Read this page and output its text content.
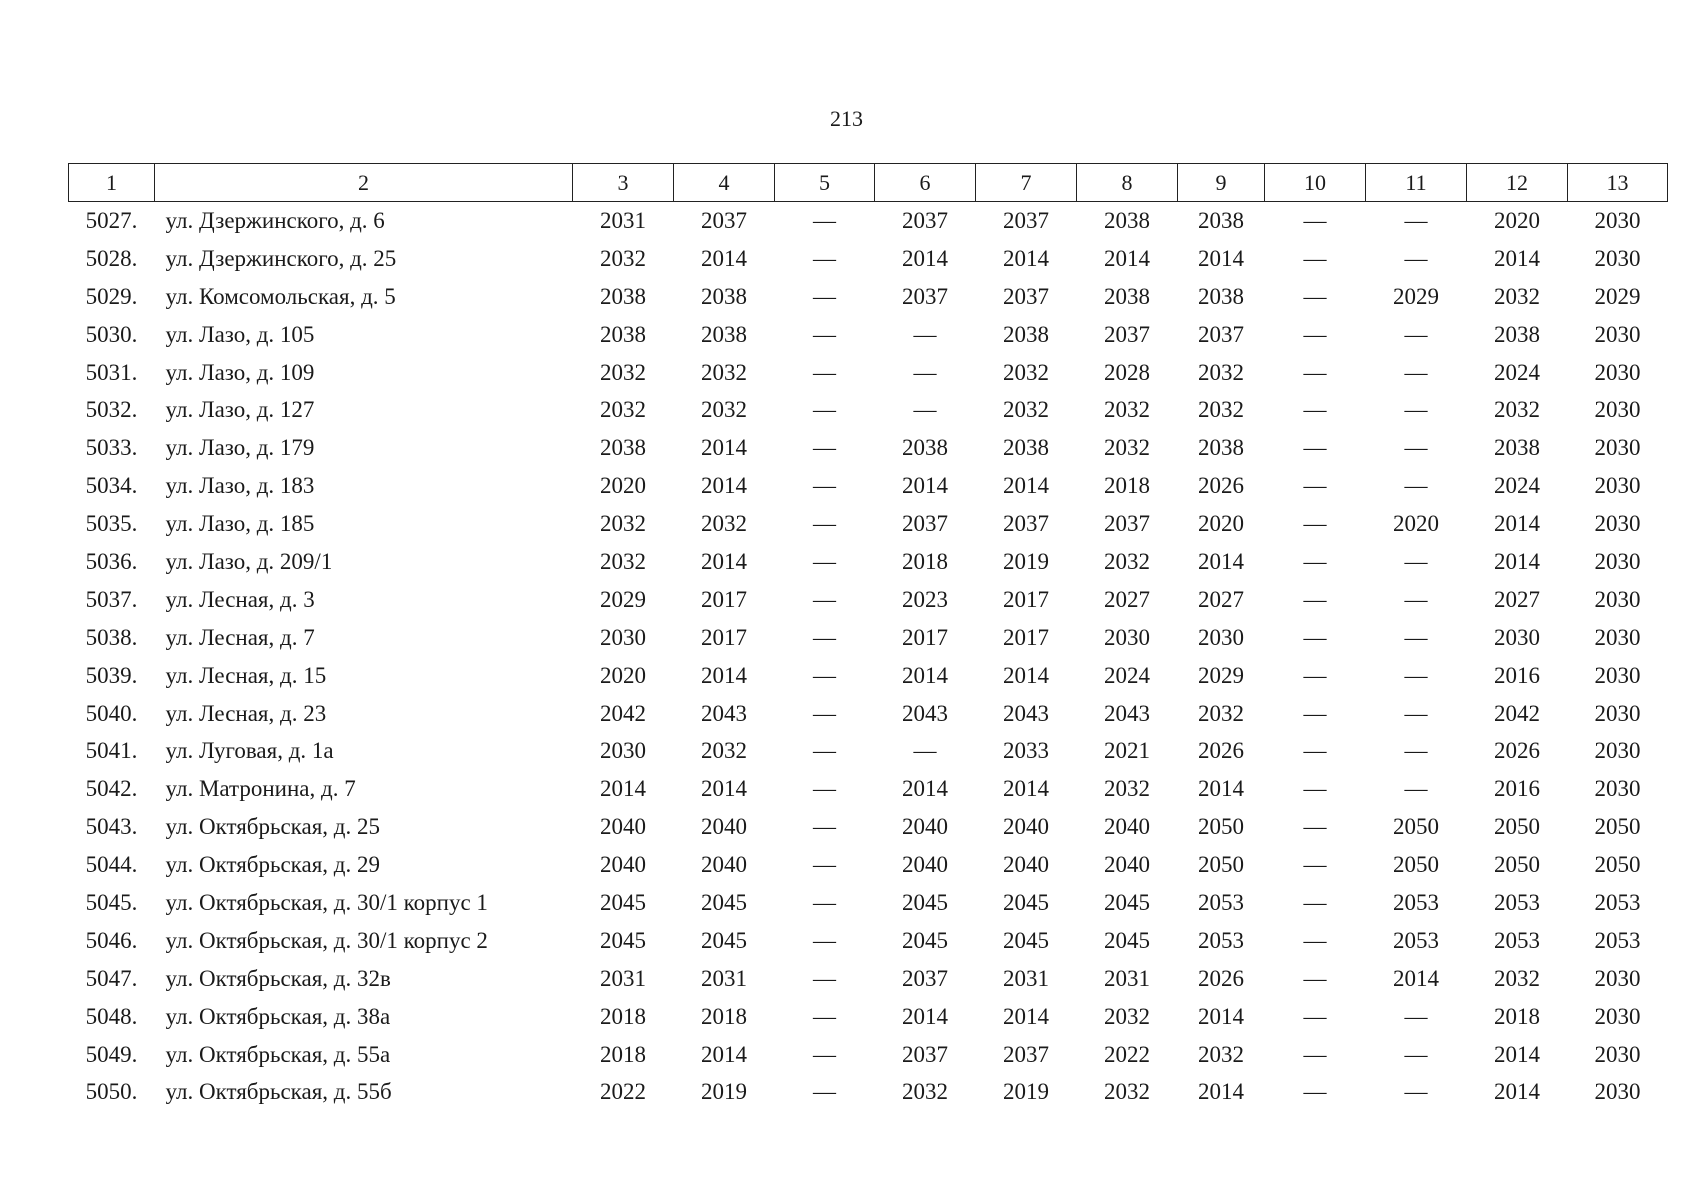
213
1	2	3	4	5	6	7	8	9	10	11	12	13
5027.	ул. Дзержинского, д. 6	2031	2037	—	2037	2037	2038	2038	—	—	2020	2030
5028.	ул. Дзержинского, д. 25	2032	2014	—	2014	2014	2014	2014	—	—	2014	2030
5029.	ул. Комсомольская, д. 5	2038	2038	—	2037	2037	2038	2038	—	2029	2032	2029
5030.	ул. Лазо, д. 105	2038	2038	—	—	2038	2037	2037	—	—	2038	2030
5031.	ул. Лазо, д. 109	2032	2032	—	—	2032	2028	2032	—	—	2024	2030
5032.	ул. Лазо, д. 127	2032	2032	—	—	2032	2032	2032	—	—	2032	2030
5033.	ул. Лазо, д. 179	2038	2014	—	2038	2038	2032	2038	—	—	2038	2030
5034.	ул. Лазо, д. 183	2020	2014	—	2014	2014	2018	2026	—	—	2024	2030
5035.	ул. Лазо, д. 185	2032	2032	—	2037	2037	2037	2020	—	2020	2014	2030
5036.	ул. Лазо, д. 209/1	2032	2014	—	2018	2019	2032	2014	—	—	2014	2030
5037.	ул. Лесная, д. 3	2029	2017	—	2023	2017	2027	2027	—	—	2027	2030
5038.	ул. Лесная, д. 7	2030	2017	—	2017	2017	2030	2030	—	—	2030	2030
5039.	ул. Лесная, д. 15	2020	2014	—	2014	2014	2024	2029	—	—	2016	2030
5040.	ул. Лесная, д. 23	2042	2043	—	2043	2043	2043	2032	—	—	2042	2030
5041.	ул. Луговая, д. 1а	2030	2032	—	—	2033	2021	2026	—	—	2026	2030
5042.	ул. Матронина, д. 7	2014	2014	—	2014	2014	2032	2014	—	—	2016	2030
5043.	ул. Октябрьская, д. 25	2040	2040	—	2040	2040	2040	2050	—	2050	2050	2050
5044.	ул. Октябрьская, д. 29	2040	2040	—	2040	2040	2040	2050	—	2050	2050	2050
5045.	ул. Октябрьская, д. 30/1 корпус 1	2045	2045	—	2045	2045	2045	2053	—	2053	2053	2053
5046.	ул. Октябрьская, д. 30/1 корпус 2	2045	2045	—	2045	2045	2045	2053	—	2053	2053	2053
5047.	ул. Октябрьская, д. 32в	2031	2031	—	2037	2031	2031	2026	—	2014	2032	2030
5048.	ул. Октябрьская, д. 38а	2018	2018	—	2014	2014	2032	2014	—	—	2018	2030
5049.	ул. Октябрьская, д. 55а	2018	2014	—	2037	2037	2022	2032	—	—	2014	2030
5050.	ул. Октябрьская, д. 55б	2022	2019	—	2032	2019	2032	2014	—	—	2014	2030
